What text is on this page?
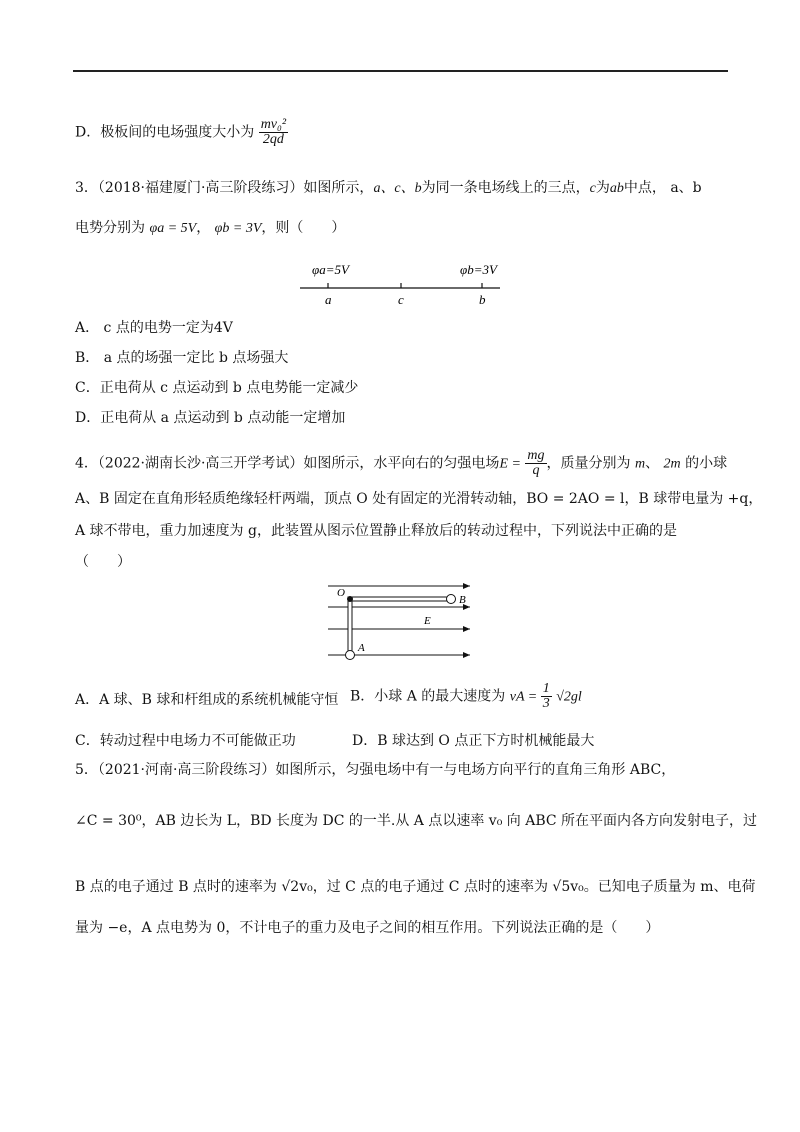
D．极板间的电场强度大小为 $\frac{\text{mv₀²}}{2qd}$
3．（2018·福建厦门·高三阶段练习）如图所示，a、c、b为同一条电场线上的三点，c为ab中点， a、b
电势分别为 φa = 5V， φb = 3V，则（　　）
φa=5V	φb=3V
a	c	b
A． c 点的电势一定为4V
B． a 点的场强一定比 b 点场强大
C．正电荷从 c 点运动到 b 点电势能一定减少
D．正电荷从 a 点运动到 b 点动能一定增加
4．（2022·湖南长沙·高三开学考试）如图所示，水平向右的匀强电场$E = \frac{mg}{q}$ ，质量分别为 m、 2m 的小球
A、B 固定在直角形轻质绝缘轻杆两端，顶点 O 处有固定的光滑转动轴，BO = 2AO = l，B 球带电量为 +q，
A 球不带电，重力加速度为 g，此装置从图示位置静止释放后的转动过程中，下列说法中正确的是
（　　）
O
B
E
A
A．A 球、B 球和杆组成的系统机械能守恒 B．小球 A 的最大速度为 vA = $\frac{1}{3} √2gl$
C．转动过程中电场力不可能做正功	D．B 球达到 O 点正下方时机械能最大
5．（2021·河南·高三阶段练习）如图所示，匀强电场中有一与电场方向平行的直角三角形 ABC，
∠C = 30⁰，AB 边长为 L，BD 长度为 DC 的一半.从 A 点以速率 v₀ 向 ABC 所在平面内各方向发射电子，过
B 点的电子通过 B 点时的速率为 √2v₀，过 C 点的电子通过 C 点时的速率为 √5v₀。已知电子质量为 m、电荷
量为 −e，A 点电势为 0，不计电子的重力及电子之间的相互作用。下列说法正确的是（　　）
